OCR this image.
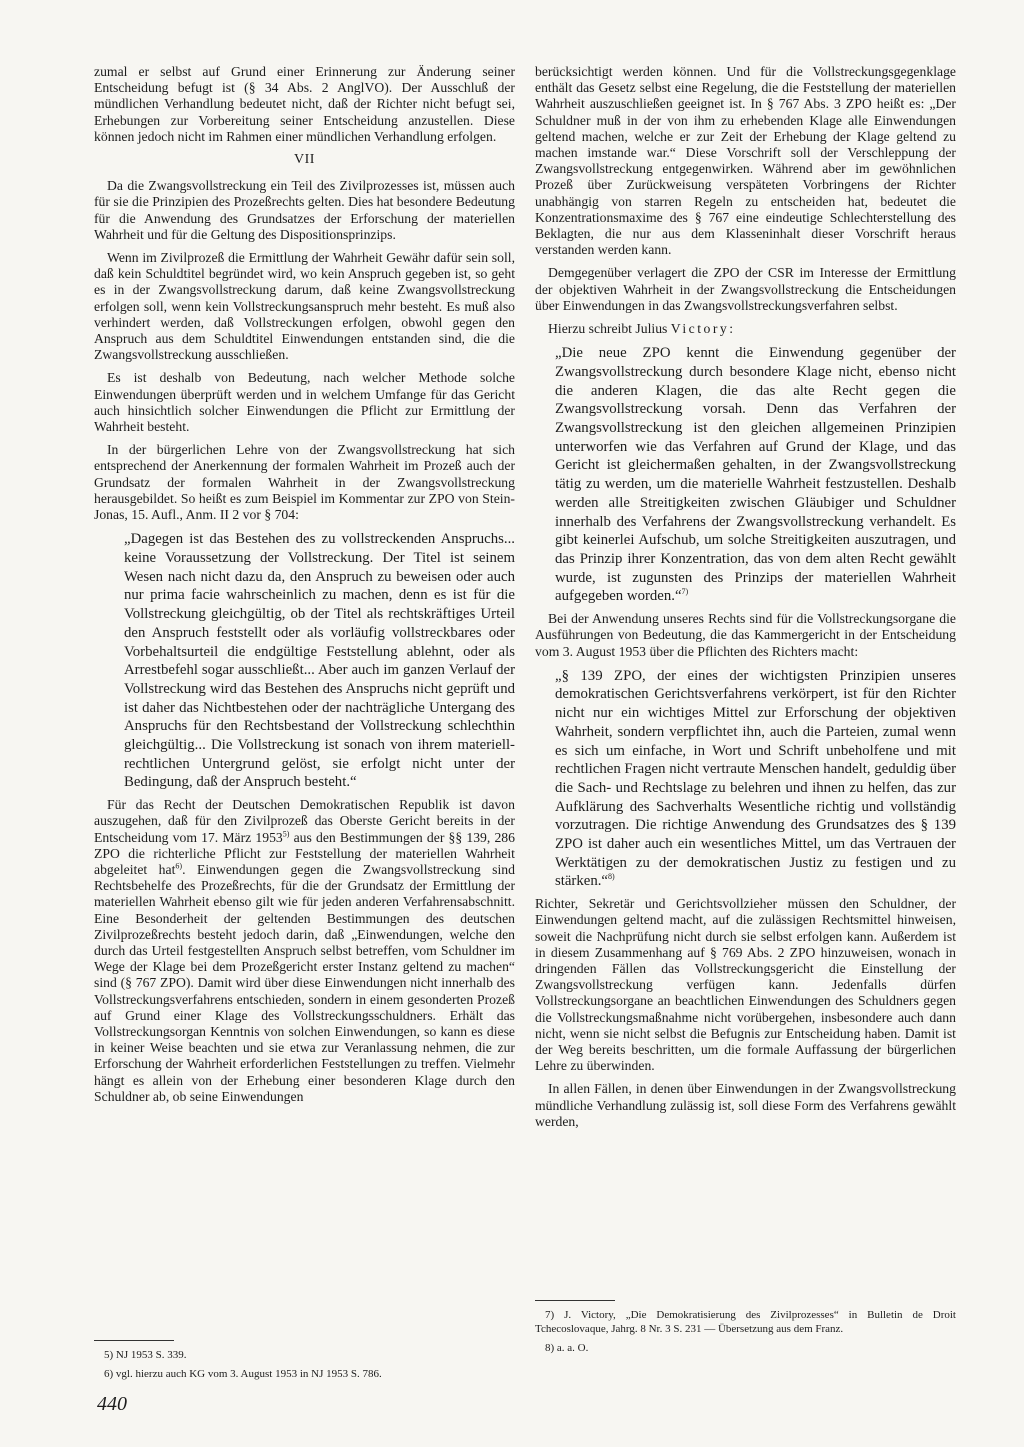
zumal er selbst auf Grund einer Erinnerung zur Änderung seiner Entscheidung befugt ist (§ 34 Abs. 2 AnglVO). Der Ausschluß der mündlichen Verhandlung bedeutet nicht, daß der Richter nicht befugt sei, Erhebungen zur Vorbereitung seiner Entscheidung anzustellen. Diese können jedoch nicht im Rahmen einer mündlichen Verhandlung erfolgen.

VII

Da die Zwangsvollstreckung ein Teil des Zivilprozesses ist, müssen auch für sie die Prinzipien des Prozeßrechts gelten. Dies hat besondere Bedeutung für die Anwendung des Grundsatzes der Erforschung der materiellen Wahrheit und für die Geltung des Dispositionsprinzips.

Wenn im Zivilprozeß die Ermittlung der Wahrheit Gewähr dafür sein soll, daß kein Schuldtitel begründet wird, wo kein Anspruch gegeben ist, so geht es in der Zwangsvollstreckung darum, daß keine Zwangsvollstreckung erfolgen soll, wenn kein Vollstreckungsanspruch mehr besteht. Es muß also verhindert werden, daß Vollstreckungen erfolgen, obwohl gegen den Anspruch aus dem Schuldtitel Einwendungen entstanden sind, die die Zwangsvollstreckung ausschließen.

Es ist deshalb von Bedeutung, nach welcher Methode solche Einwendungen überprüft werden und in welchem Umfange für das Gericht auch hinsichtlich solcher Einwendungen die Pflicht zur Ermittlung der Wahrheit besteht.

In der bürgerlichen Lehre von der Zwangsvollstreckung hat sich entsprechend der Anerkennung der formalen Wahrheit im Prozeß auch der Grundsatz der formalen Wahrheit in der Zwangsvollstreckung herausgebildet. So heißt es zum Beispiel im Kommentar zur ZPO von Stein-Jonas, 15. Aufl., Anm. II 2 vor § 704:

„Dagegen ist das Bestehen des zu vollstreckenden Anspruchs... keine Voraussetzung der Vollstreckung. Der Titel ist seinem Wesen nach nicht dazu da, den Anspruch zu beweisen oder auch nur prima facie wahrscheinlich zu machen, denn es ist für die Vollstreckung gleichgültig, ob der Titel als rechtskräftiges Urteil den Anspruch feststellt oder als vorläufig vollstreckbares oder Vorbehaltsurteil die endgültige Feststellung ablehnt, oder als Arrestbefehl sogar ausschließt... Aber auch im ganzen Verlauf der Vollstreckung wird das Bestehen des Anspruchs nicht geprüft und ist daher das Nichtbestehen oder der nachträgliche Untergang des Anspruchs für den Rechtsbestand der Vollstreckung schlechthin gleichgültig... Die Vollstreckung ist sonach von ihrem materiell-rechtlichen Untergrund gelöst, sie erfolgt nicht unter der Bedingung, daß der Anspruch besteht.“

Für das Recht der Deutschen Demokratischen Republik ist davon auszugehen, daß für den Zivilprozeß das Oberste Gericht bereits in der Entscheidung vom 17. März 1953$^{5)}$ aus den Bestimmungen der §§ 139, 286 ZPO die richterliche Pflicht zur Feststellung der materiellen Wahrheit abgeleitet hat$^{6)}$. Einwendungen gegen die Zwangsvollstreckung sind Rechtsbehelfe des Prozeßrechts, für die der Grundsatz der Ermittlung der materiellen Wahrheit ebenso gilt wie für jeden anderen Verfahrensabschnitt. Eine Besonderheit der geltenden Bestimmungen des deutschen Zivilprozeßrechts besteht jedoch darin, daß „Einwendungen, welche den durch das Urteil festgestellten Anspruch selbst betreffen, vom Schuldner im Wege der Klage bei dem Prozeßgericht erster Instanz geltend zu machen“ sind (§ 767 ZPO). Damit wird über diese Einwendungen nicht innerhalb des Vollstreckungsverfahrens entschieden, sondern in einem gesonderten Prozeß auf Grund einer Klage des Vollstreckungsschuldners. Erhält das Vollstreckungsorgan Kenntnis von solchen Einwendungen, so kann es diese in keiner Weise beachten und sie etwa zur Veranlassung nehmen, die zur Erforschung der Wahrheit erforderlichen Feststellungen zu treffen. Vielmehr hängt es allein von der Erhebung einer besonderen Klage durch den Schuldner ab, ob seine Einwendungen

berücksichtigt werden können. Und für die Vollstreckungsgegenklage enthält das Gesetz selbst eine Regelung, die die Feststellung der materiellen Wahrheit auszuschließen geeignet ist. In § 767 Abs. 3 ZPO heißt es: „Der Schuldner muß in der von ihm zu erhebenden Klage alle Einwendungen geltend machen, welche er zur Zeit der Erhebung der Klage geltend zu machen imstande war.“ Diese Vorschrift soll der Verschleppung der Zwangsvollstreckung entgegenwirken. Während aber im gewöhnlichen Prozeß über Zurückweisung verspäteten Vorbringens der Richter unabhängig von starren Regeln zu entscheiden hat, bedeutet die Konzentrationsmaxime des § 767 eine eindeutige Schlechterstellung des Beklagten, die nur aus dem Klasseninhalt dieser Vorschrift heraus verstanden werden kann.

Demgegenüber verlagert die ZPO der CSR im Interesse der Ermittlung der objektiven Wahrheit in der Zwangsvollstreckung die Entscheidungen über Einwendungen in das Zwangsvollstreckungsverfahren selbst.

Hierzu schreibt Julius Victory:

„Die neue ZPO kennt die Einwendung gegenüber der Zwangsvollstreckung durch besondere Klage nicht, ebenso nicht die anderen Klagen, die das alte Recht gegen die Zwangsvollstreckung vorsah. Denn das Verfahren der Zwangsvollstreckung ist den gleichen allgemeinen Prinzipien unterworfen wie das Verfahren auf Grund der Klage, und das Gericht ist gleichermaßen gehalten, in der Zwangsvollstreckung tätig zu werden, um die materielle Wahrheit festzustellen. Deshalb werden alle Streitigkeiten zwischen Gläubiger und Schuldner innerhalb des Verfahrens der Zwangsvollstreckung verhandelt. Es gibt keinerlei Aufschub, um solche Streitigkeiten auszutragen, und das Prinzip ihrer Konzentration, das von dem alten Recht gewählt wurde, ist zugunsten des Prinzips der materiellen Wahrheit aufgegeben worden.“$^{7)}$

Bei der Anwendung unseres Rechts sind für die Vollstreckungsorgane die Ausführungen von Bedeutung, die das Kammergericht in der Entscheidung vom 3. August 1953 über die Pflichten des Richters macht:

„§ 139 ZPO, der eines der wichtigsten Prinzipien unseres demokratischen Gerichtsverfahrens verkörpert, ist für den Richter nicht nur ein wichtiges Mittel zur Erforschung der objektiven Wahrheit, sondern verpflichtet ihn, auch die Parteien, zumal wenn es sich um einfache, in Wort und Schrift unbeholfene und mit rechtlichen Fragen nicht vertraute Menschen handelt, geduldig über die Sach- und Rechtslage zu belehren und ihnen zu helfen, das zur Aufklärung des Sachverhalts Wesentliche richtig und vollständig vorzutragen. Die richtige Anwendung des Grundsatzes des § 139 ZPO ist daher auch ein wesentliches Mittel, um das Vertrauen der Werktätigen zu der demokratischen Justiz zu festigen und zu stärken.“$^{8)}$

Richter, Sekretär und Gerichtsvollzieher müssen den Schuldner, der Einwendungen geltend macht, auf die zulässigen Rechtsmittel hinweisen, soweit die Nachprüfung nicht durch sie selbst erfolgen kann. Außerdem ist in diesem Zusammenhang auf § 769 Abs. 2 ZPO hinzuweisen, wonach in dringenden Fällen das Vollstreckungsgericht die Einstellung der Zwangsvollstreckung verfügen kann. Jedenfalls dürfen Vollstreckungsorgane an beachtlichen Einwendungen des Schuldners gegen die Vollstreckungsmaßnahme nicht vorübergehen, insbesondere auch dann nicht, wenn sie nicht selbst die Befugnis zur Entscheidung haben. Damit ist der Weg bereits beschritten, um die formale Auffassung der bürgerlichen Lehre zu überwinden.

In allen Fällen, in denen über Einwendungen in der Zwangsvollstreckung mündliche Verhandlung zulässig ist, soll diese Form des Verfahrens gewählt werden,

5) NJ 1953 S. 339.

6) vgl. hierzu auch KG vom 3. August 1953 in NJ 1953 S. 786.

7) J. Victory, „Die Demokratisierung des Zivilprozesses“ in Bulletin de Droit Tchecoslovaque, Jahrg. 8 Nr. 3 S. 231 — Übersetzung aus dem Franz.

8) a. a. O.

440
